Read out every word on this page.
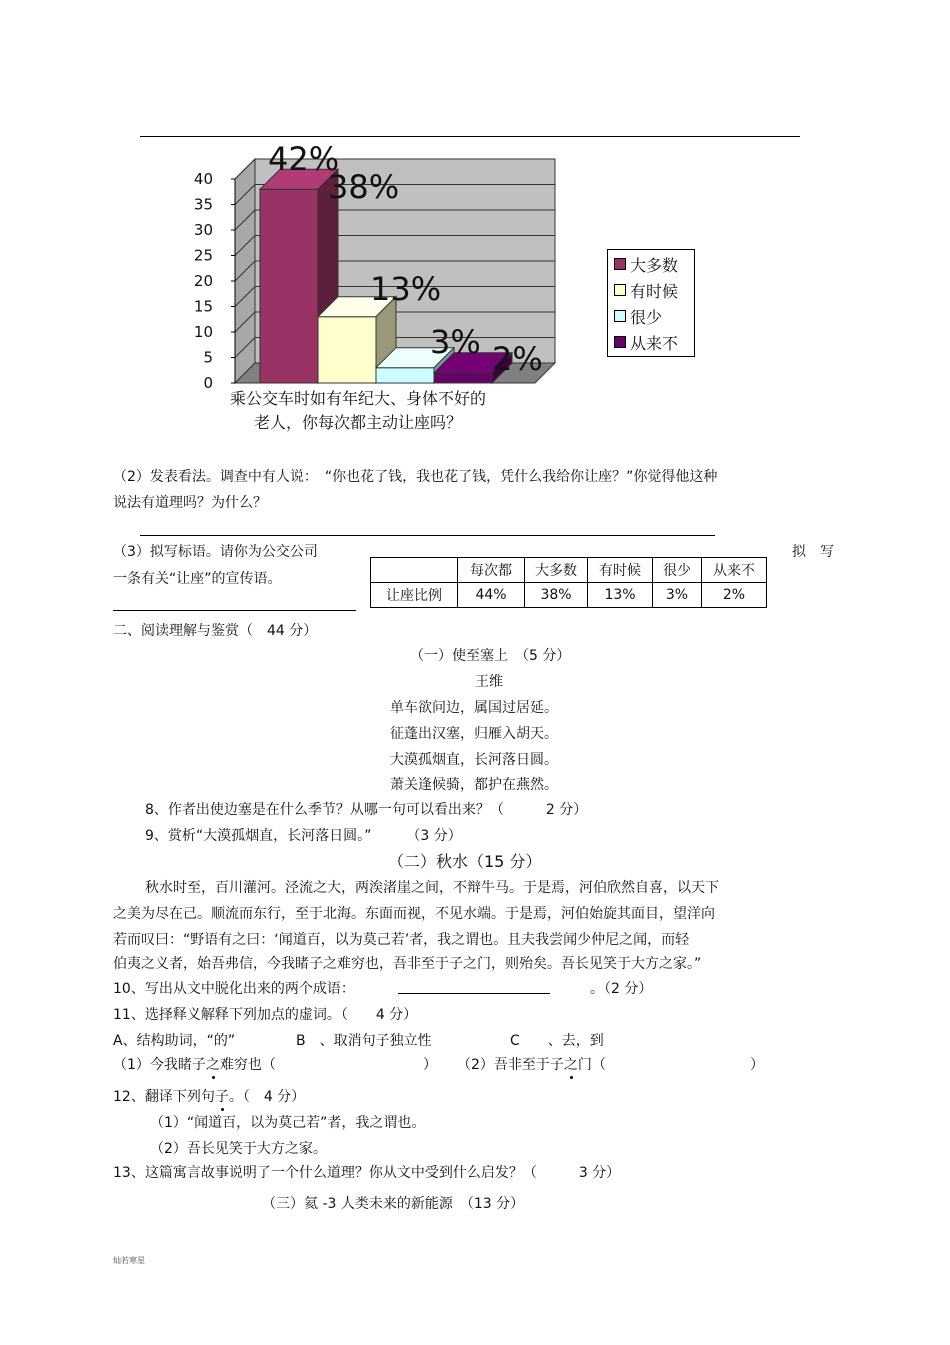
0
5
10
15
20
25
30
35
40
42%
38%
13%
3% 2%
乘公交车时如有年纪大、身体不好的
老人，你每次都主动让座吗？
大多数
有时候
很少
从来不
（2）发表看法。调查中有人说：　“你也花了钱，我也花了钱，凭什么我给你让座？”你觉得他这种
说法有道理吗？为什么？
（3）拟写标语。请你为公交公司	拟　写
一条有关“让座”的宣传语。
		每次都	大多数	有时候	很少	从来不
让座比例	44%	38%	13%	3%	2%
二、阅读理解与鉴赏（　44 分）
（一）使至塞上　（5 分）
王维
单车欲问边，属国过居延。
征蓬出汉塞，归雁入胡天。
大漠孤烟直，长河落日圆。
萧关逢候骑，都护在燕然。
8、作者出使边塞是在什么季节？从哪一句可以看出来？（　　　2 分）
9、赏析“大漠孤烟直，长河落日圆。”　　　（3 分）
（二）秋水（15 分）
秋水时至，百川灌河。泾流之大，两涘渚崖之间，不辩牛马。于是焉，河伯欣然自喜，以天下
之美为尽在己。顺流而东行，至于北海。东面而视，不见水端。于是焉，河伯始旋其面目，望洋向
若而叹曰：“野语有之曰：‘闻道百，以为莫己若’者，我之谓也。且夫我尝闻少仲尼之闻，而轻
伯夷之义者，始吾弗信，今我睹子之难穷也，吾非至于子之门，则殆矣。吾长见笑于大方之家。”
10、写出从文中脱化出来的两个成语：	。（2 分）
11、选择释义解释下列加点的虚词。（　　4 分）
A、结构助词，“的”	B　、取消句子独立性	C　　、去，到
（1）今我睹子之难穷也（	） （2）吾非至于子之门（	）
12、翻译下列句子。（　4 分）
（1）“闻道百，以为莫己若”者，我之谓也。
（2）吾长见笑于大方之家。
13、这篇寓言故事说明了一个什么道理？你从文中受到什么启发？（　　　3 分）
（三）氦 -3 人类未来的新能源　（13 分）
灿若寒星
